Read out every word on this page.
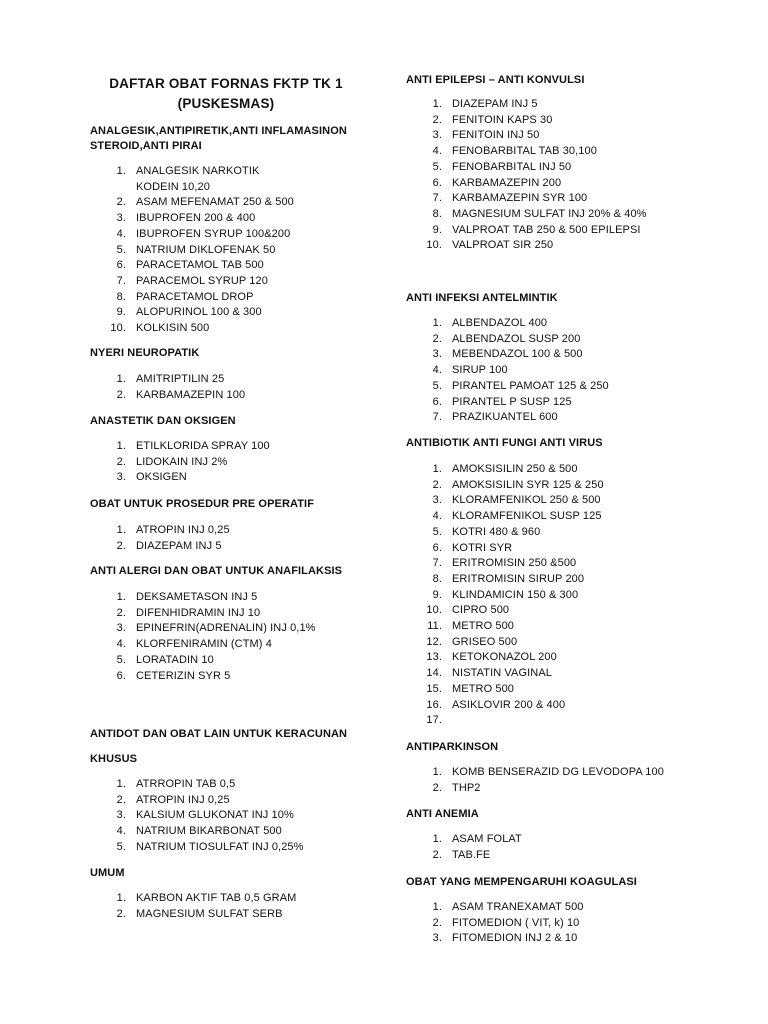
DAFTAR OBAT FORNAS FKTP TK 1
(PUSKESMAS)
ANALGESIK,ANTIPIRETIK,ANTI INFLAMASINON
STEROID,ANTI PIRAI
NYERI NEUROPATIK
ANASTETIK DAN OKSIGEN
OBAT UNTUK PROSEDUR PRE OPERATIF
ANTI ALERGI DAN OBAT UNTUK ANAFILAKSIS
ANTIDOT DAN OBAT LAIN UNTUK KERACUNAN
KHUSUS
UMUM
ANTI EPILEPSI – ANTI KONVULSI
ANTI INFEKSI ANTELMINTIK
ANTIBIOTIK ANTI FUNGI ANTI VIRUS
ANTIPARKINSON
ANTI ANEMIA
OBAT YANG MEMPENGARUHI KOAGULASI
1. ANALGESIK NARKOTIK
KODEIN 10,20
2. ASAM MEFENAMAT 250 & 500
3. IBUPROFEN 200 & 400
4. IBUPROFEN SYRUP 100&200
5. NATRIUM DIKLOFENAK 50
6. PARACETAMOL TAB 500
7. PARACEMOL SYRUP 120
8. PARACETAMOL DROP
9. ALOPURINOL 100 & 300
10. KOLKISIN 500
1. AMITRIPTILIN 25
2. KARBAMAZEPIN 100
1. ETILKLORIDA SPRAY 100
2. LIDOKAIN INJ 2%
3. OKSIGEN
1. ATROPIN INJ 0,25
2. DIAZEPAM INJ 5
1. DEKSAMETASON INJ 5
2. DIFENHIDRAMIN INJ 10
3. EPINEFRIN(ADRENALIN) INJ 0,1%
4. KLORFENIRAMIN (CTM) 4
5. LORATADIN 10
6. CETERIZIN SYR 5
1. ATRROPIN TAB 0,5
2. ATROPIN INJ 0,25
3. KALSIUM GLUKONAT INJ 10%
4. NATRIUM BIKARBONAT 500
5. NATRIUM TIOSULFAT INJ 0,25%
1. KARBON AKTIF TAB 0,5 GRAM
2. MAGNESIUM SULFAT SERB
1. DIAZEPAM INJ 5
2. FENITOIN KAPS 30
3. FENITOIN INJ 50
4. FENOBARBITAL TAB 30,100
5. FENOBARBITAL INJ 50
6. KARBAMAZEPIN 200
7. KARBAMAZEPIN SYR 100
8. MAGNESIUM SULFAT INJ 20% & 40%
9. VALPROAT TAB 250 & 500 EPILEPSI
10. VALPROAT SIR 250
1. ALBENDAZOL 400
2. ALBENDAZOL SUSP 200
3. MEBENDAZOL 100 & 500
4. SIRUP 100
5. PIRANTEL PAMOAT 125 & 250
6. PIRANTEL P SUSP 125
7. PRAZIKUANTEL 600
1. AMOKSISILIN 250 & 500
2. AMOKSISILIN SYR 125 & 250
3. KLORAMFENIKOL 250 & 500
4. KLORAMFENIKOL SUSP 125
5. KOTRI 480 & 960
6. KOTRI SYR
7. ERITROMISIN 250 &500
8. ERITROMISIN SIRUP 200
9. KLINDAMICIN 150 & 300
10. CIPRO 500
11. METRO 500
12. GRISEO 500
13. KETOKONAZOL 200
14. NISTATIN VAGINAL
15. METRO 500
16. ASIKLOVIR 200 & 400
17.
1. KOMB BENSERAZID DG LEVODOPA 100
2. THP2
1. ASAM FOLAT
2. TAB.FE
1. ASAM TRANEXAMAT 500
2. FITOMEDION ( VIT, k) 10
3. FITOMEDION INJ 2 & 10
